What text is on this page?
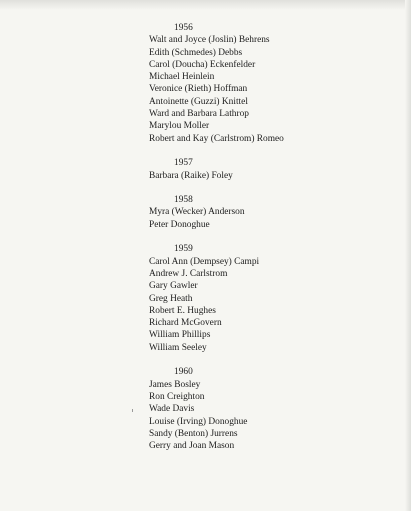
1956
Walt and Joyce (Joslin) Behrens
Edith (Schmedes) Debbs
Carol (Doucha) Eckenfelder
Michael Heinlein
Veronice (Rieth) Hoffman
Antoinette (Guzzi) Knittel
Ward and Barbara Lathrop
Marylou Moller
Robert and Kay (Carlstrom) Romeo
1957
Barbara (Raike) Foley
1958
Myra (Wecker) Anderson
Peter Donoghue
1959
Carol Ann (Dempsey) Campi
Andrew J. Carlstrom
Gary Gawler
Greg Heath
Robert E. Hughes
Richard McGovern
William Phillips
William Seeley
1960
James Bosley
Ron Creighton
Wade Davis
Louise (Irving) Donoghue
Sandy (Benton) Jurrens
Gerry and Joan Mason
